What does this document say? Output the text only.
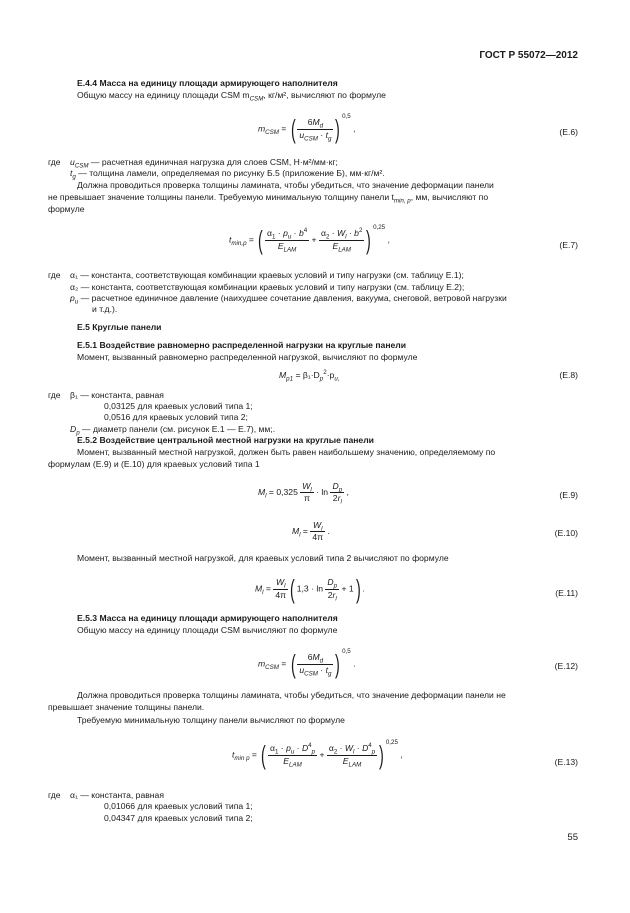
ГОСТ Р 55072—2012
Е.4.4 Масса на единицу площади армирующего наполнителя
Общую массу на единицу площади CSM $m_{CSM}$, кг/м², вычисляют по формуле
$m_{CSM}$ = ( $\frac{6M_d}{u_{CSM} \cdot t_g}$ ) $^{0,5}$ ,	(Е.6)
где $u_{CSM}$ — расчетная единичная нагрузка для слоев CSM, Н·м²/мм·кг;
$t_g$ — толщина ламели, определяемая по рисунку Б.5 (приложение Б), мм·кг/м².
Должна проводиться проверка толщины ламината, чтобы убедиться, что значение деформации панели
не превышает значение толщины панели. Требуемую минимальную толщину панели $t_{min, p}$, мм, вычисляют по
формуле
$t_{min,p}$ = ( $\frac{\alpha_1 \cdot p_u \cdot b^4}{E_{LAM}} + \frac{\alpha_2 \cdot W_l \cdot b^2}{E_{LAM}}$ ) $^{0,25}$ ,
(Е.7)
где α₁ — константа, соответствующая комбинации краевых условий и типу нагрузки (см. таблицу Е.1);
α₂ — константа, соответствующая комбинации краевых условий и типу нагрузки (см. таблицу Е.2);
$p_u$ — расчетное единичное давление (наихудшее сочетание давления, вакуума, снеговой, ветровой нагрузки
и т.д.).
Е.5 Круглые панели
Е.5.1 Воздействие равномерно распределенной нагрузки на круглые панели
Момент, вызванный равномерно распределенной нагрузкой, вычисляют по формуле
$M_{p1} = \beta_1\cdot D_p^2\cdot p_{u,}$	(Е.8)
где β₁ — константа, равная
0,03125 для краевых условий типа 1;
0,0516 для краевых условий типа 2;
$D_p$ — диаметр панели (см. рисунок Е.1 — Е.7), мм;.
Е.5.2 Воздействие центральной местной нагрузки на круглые панели
Момент, вызванный местной нагрузкой, должен быть равен наибольшему значению, определяемому по
формулам (Е.9) и (Е.10) для краевых условий типа 1
$M_l = 0,325 \frac{W_l}{\pi} \cdot \ln \frac{D_p}{2r_l}$ ,	(Е.9)
$M_l = \frac{W_l}{4\pi}$ .	(Е.10)
Момент, вызванный местной нагрузкой, для краевых условий типа 2 вычисляют по формуле
$M_l = \frac{W_l}{4\pi}$ ( $1,3 \cdot \ln \frac{D_p}{2r_l} + 1$) .	(Е.11)
Е.5.3 Масса на единицу площади армирующего наполнителя
Общую массу на единицу площади CSM вычисляют по формуле
$m_{CSM}$ = ( $\frac{6M_d}{u_{CSM} \cdot t_g}$ ) $^{0,5}$ .	(Е.12)
Должна проводиться проверка толщины ламината, чтобы убедиться, что значение деформации панели не
превышает значение толщины панели.
Требуемую минимальную толщину панели вычисляют по формуле
$t_{min p}$ = ( $\frac{\alpha_1 \cdot p_u \cdot D^4_p}{E_{LAM}} + \frac{\alpha_2 \cdot W_l \cdot D^4_p}{E_{LAM}}$ ) $^{0,25}$ ,
(Е.13)
где α₁ — константа, равная
0,01066 для краевых условий типа 1;
0,04347 для краевых условий типа 2;
55
